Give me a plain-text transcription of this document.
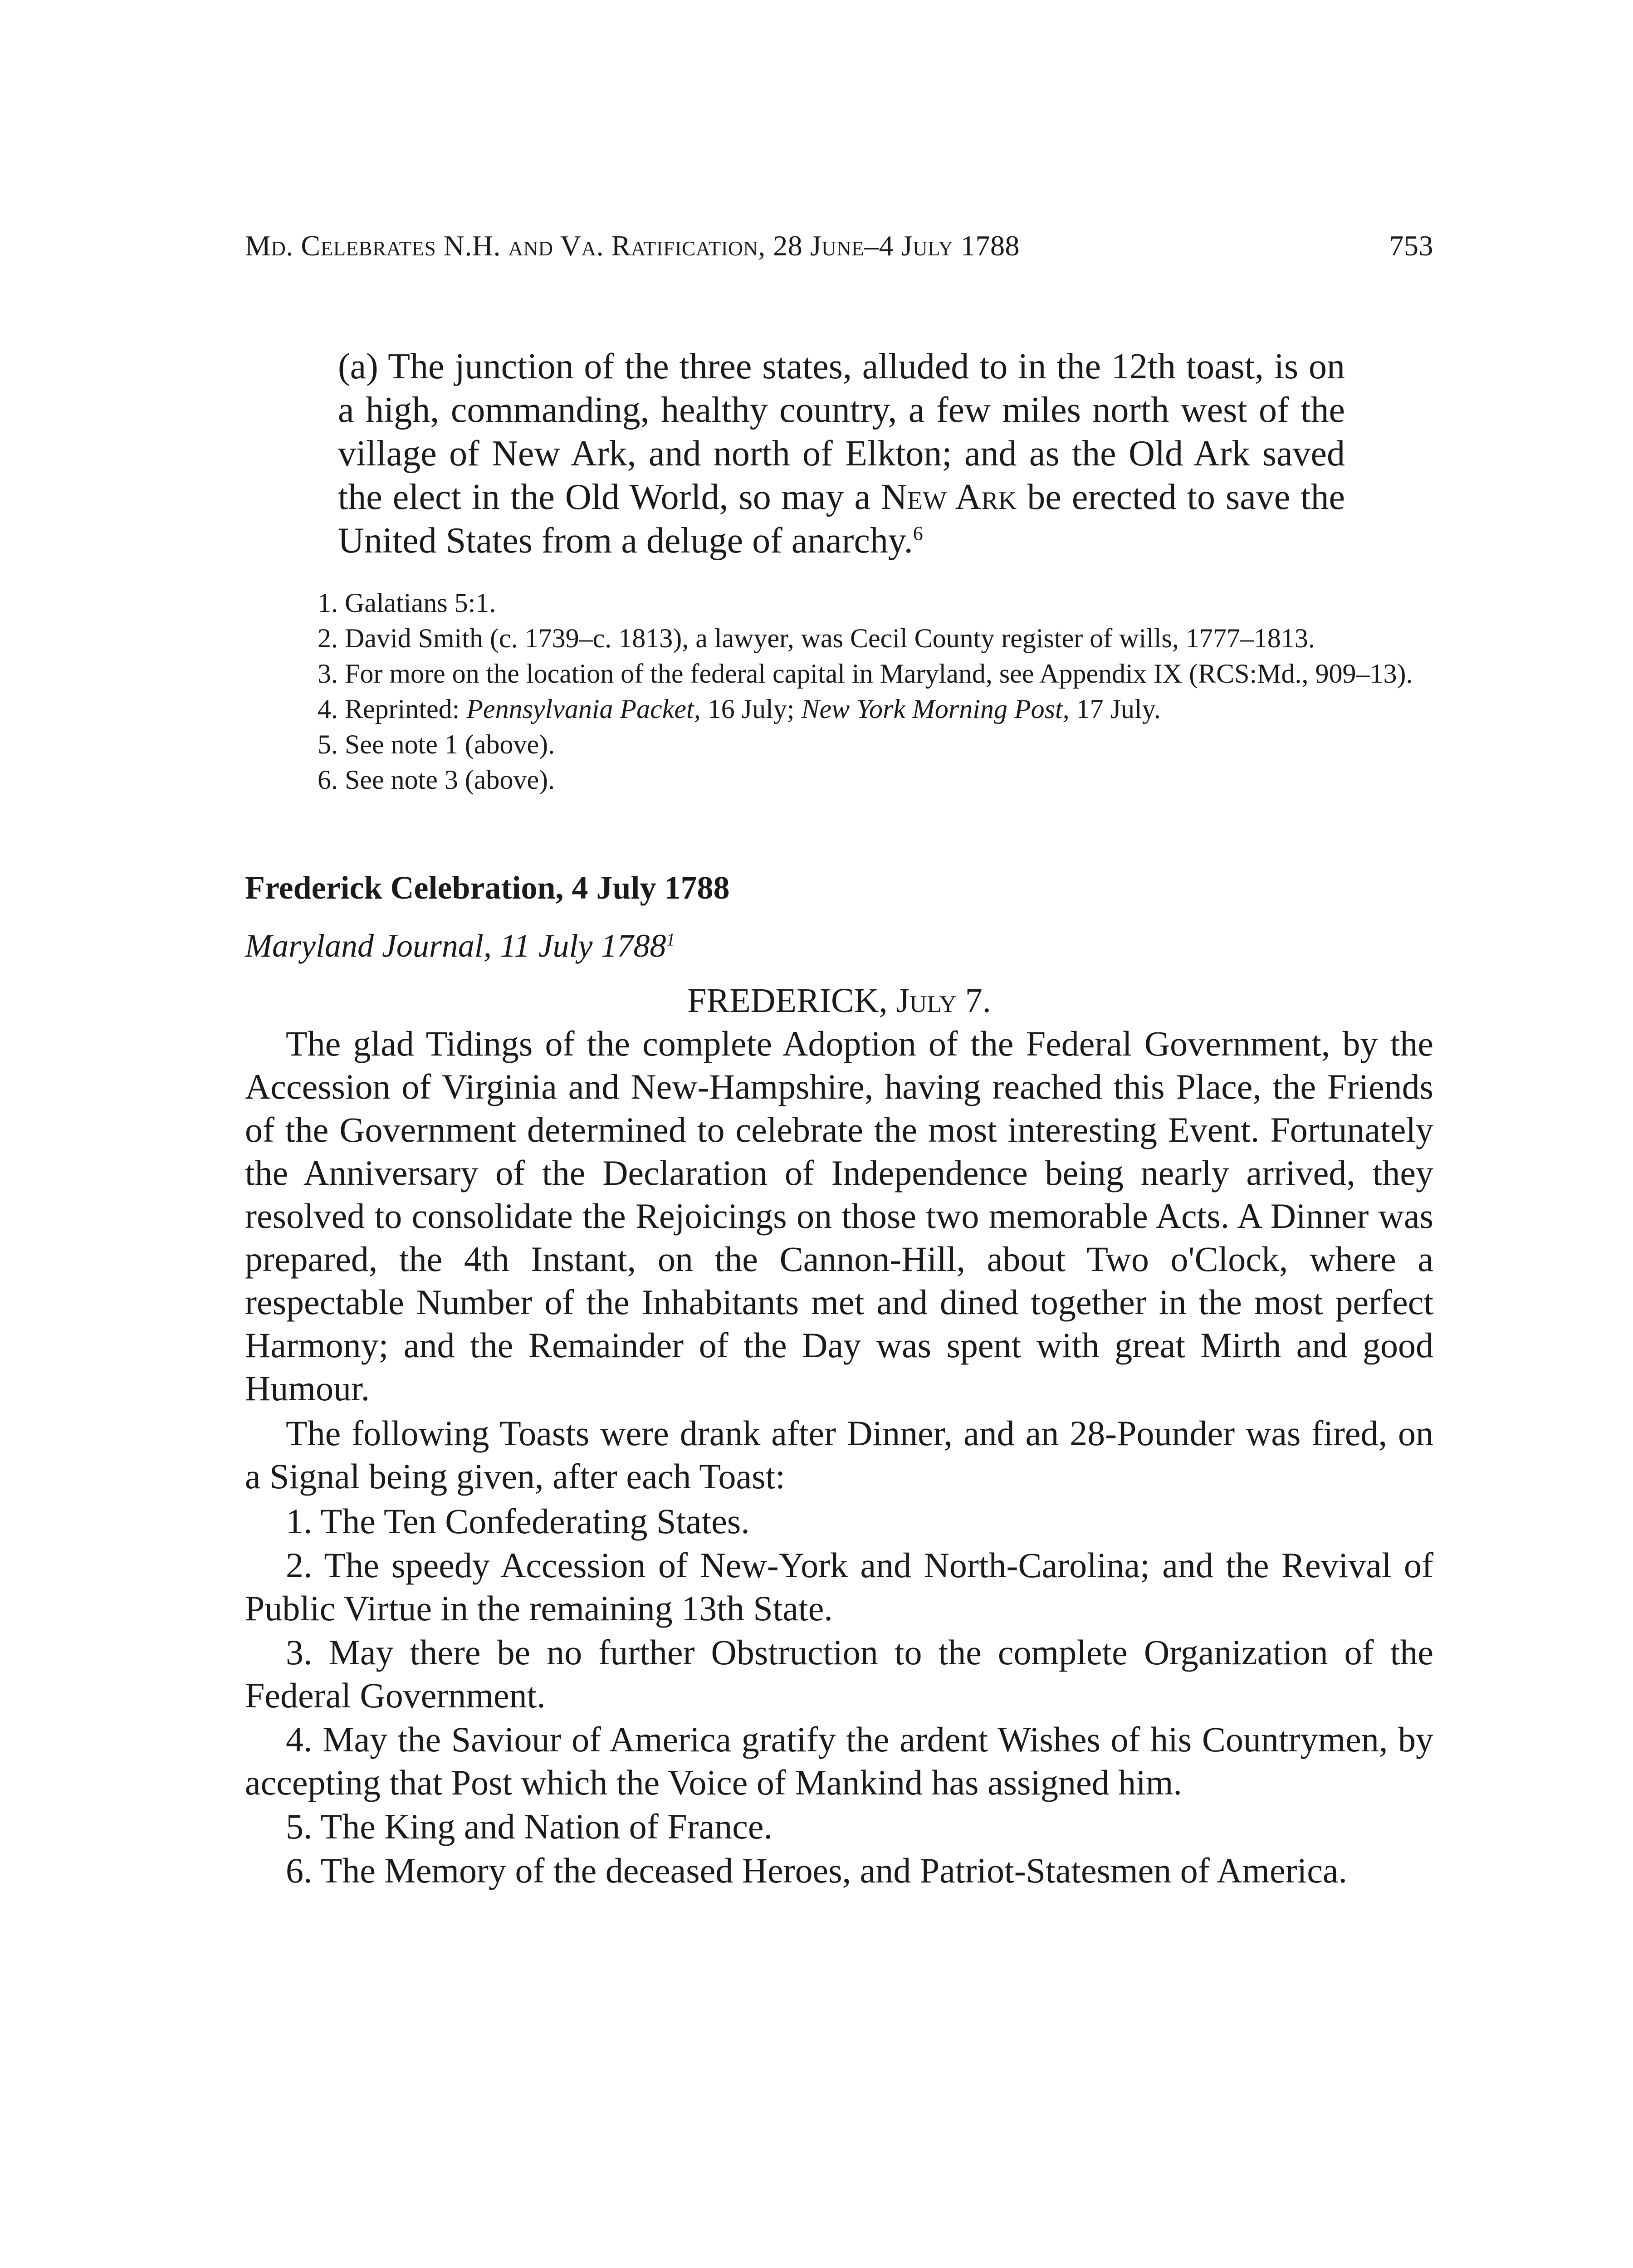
Md. Celebrates N.H. and Va. Ratification, 28 June–4 July 1788	753
(a) The junction of the three states, alluded to in the 12th toast, is on a high, commanding, healthy country, a few miles north west of the village of New Ark, and north of Elkton; and as the Old Ark saved the elect in the Old World, so may a New Ark be erected to save the United States from a deluge of anarchy.$^6$
1. Galatians 5:1.
2. David Smith (c. 1739–c. 1813), a lawyer, was Cecil County register of wills, 1777–1813.
3. For more on the location of the federal capital in Maryland, see Appendix IX (RCS:Md., 909–13).
4. Reprinted: Pennsylvania Packet, 16 July; New York Morning Post, 17 July.
5. See note 1 (above).
6. See note 3 (above).
Frederick Celebration, 4 July 1788
Maryland Journal, 11 July 1788$^1$
FREDERICK, July 7.

The glad Tidings of the complete Adoption of the Federal Government, by the Accession of Virginia and New-Hampshire, having reached this Place, the Friends of the Government determined to celebrate the most interesting Event. Fortunately the Anniversary of the Declaration of Independence being nearly arrived, they resolved to consolidate the Rejoicings on those two memorable Acts. A Dinner was prepared, the 4th Instant, on the Cannon-Hill, about Two o'Clock, where a respectable Number of the Inhabitants met and dined together in the most perfect Harmony; and the Remainder of the Day was spent with great Mirth and good Humour.

The following Toasts were drank after Dinner, and an 28-Pounder was fired, on a Signal being given, after each Toast:

1. The Ten Confederating States.

2. The speedy Accession of New-York and North-Carolina; and the Revival of Public Virtue in the remaining 13th State.

3. May there be no further Obstruction to the complete Organization of the Federal Government.

4. May the Saviour of America gratify the ardent Wishes of his Countrymen, by accepting that Post which the Voice of Mankind has assigned him.

5. The King and Nation of France.

6. The Memory of the deceased Heroes, and Patriot-Statesmen of America.
